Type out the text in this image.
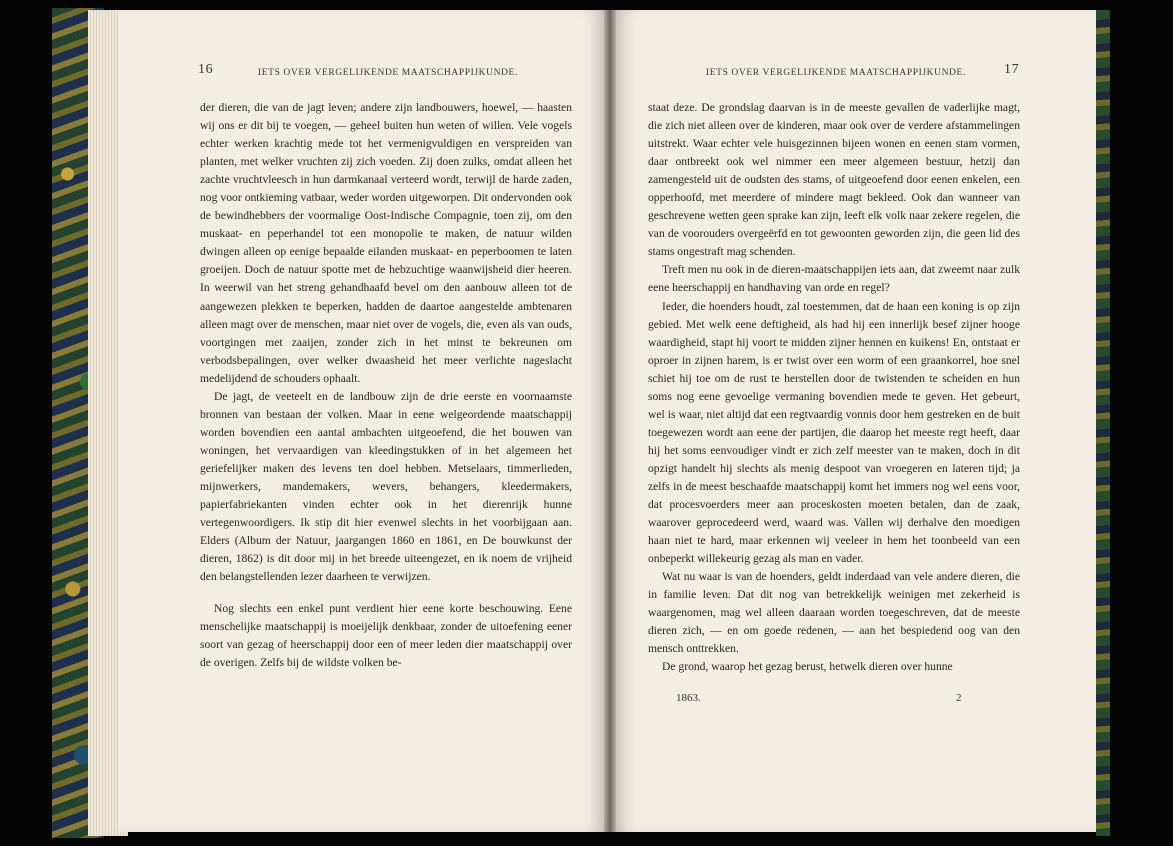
16	IETS OVER VERGELIJKENDE MAATSCHAPPIJKUNDE.

der dieren, die van de jagt leven; andere zijn landbouwers, hoewel, — haasten wij ons er dit bij te voegen, — geheel buiten hun weten of willen. Vele vogels echter werken krachtig mede tot het vermenigvuldigen en verspreiden van planten, met welker vruchten zij zich voeden. Zij doen zulks, omdat alleen het zachte vruchtvleesch in hun darmkanaal verteerd wordt, terwijl de harde zaden, nog voor ontkieming vatbaar, weder worden uitgeworpen. Dit ondervonden ook de bewindhebbers der voormalige Oost-Indische Compagnie, toen zij, om den muskaat- en peperhandel tot een monopolie te maken, de natuur wilden dwingen alleen op eenige bepaalde eilanden muskaat- en peperboomen te laten groeijen. Doch de natuur spotte met de hebzuchtige waanwijsheid dier heeren. In weerwil van het streng gehandhaafd bevel om den aanbouw alleen tot de aangewezen plekken te beperken, hadden de daartoe aangestelde ambtenaren alleen magt over de menschen, maar niet over de vogels, die, even als van ouds, voortgingen met zaaijen, zonder zich in het minst te bekreunen om verbodsbepalingen, over welker dwaasheid het meer verlichte nageslacht medelijdend de schouders ophaalt.

De jagt, de veeteelt en de landbouw zijn de drie eerste en voornaamste bronnen van bestaan der volken. Maar in eene welgeordende maatschappij worden bovendien een aantal ambachten uitgeoefend, die het bouwen van woningen, het vervaardigen van kleedingstukken of in het algemeen het geriefelijker maken des levens ten doel hebben. Metselaars, timmerlieden, mijnwerkers, mandemakers, wevers, behangers, kleedermakers, papierfabriekanten vinden echter ook in het dierenrijk hunne vertegenwoordigers. Ik stip dit hier evenwel slechts in het voorbijgaan aan. Elders (Album der Natuur, jaargangen 1860 en 1861, en De bouwkunst der dieren, 1862) is dit door mij in het breede uiteengezet, en ik noem de vrijheid den belangstellenden lezer daarheen te verwijzen.

Nog slechts een enkel punt verdient hier eene korte beschouwing. Eene menschelijke maatschappij is moeijelijk denkbaar, zonder de uitoefening eener soort van gezag of heerschappij door een of meer leden dier maatschappij over de overigen. Zelfs bij de wildste volken be-

IETS OVER VERGELIJKENDE MAATSCHAPPIJKUNDE.	17

staat deze. De grondslag daarvan is in de meeste gevallen de vaderlijke magt, die zich niet alleen over de kinderen, maar ook over de verdere afstammelingen uitstrekt. Waar echter vele huisgezinnen bijeen wonen en eenen stam vormen, daar ontbreekt ook wel nimmer een meer algemeen bestuur, hetzij dan zamengesteld uit de oudsten des stams, of uitgeoefend door eenen enkelen, een opperhoofd, met meerdere of mindere magt bekleed. Ook dan wanneer van geschrevene wetten geen sprake kan zijn, leeft elk volk naar zekere regelen, die van de voorouders overgeërfd en tot gewoonten geworden zijn, die geen lid des stams ongestraft mag schenden.

Treft men nu ook in de dieren-maatschappijen iets aan, dat zweemt naar zulk eene heerschappij en handhaving van orde en regel?

Ieder, die hoenders houdt, zal toestemmen, dat de haan een koning is op zijn gebied. Met welk eene deftigheid, als had hij een innerlijk besef zijner hooge waardigheid, stapt hij voort te midden zijner hennen en kuikens! En, ontstaat er oproer in zijnen harem, is er twist over een worm of een graankorrel, hoe snel schiet hij toe om de rust te herstellen door de twistenden te scheiden en hun soms nog eene gevoelige vermaning bovendien mede te geven. Het gebeurt, wel is waar, niet altijd dat een regtvaardig vonnis door hem gestreken en de buit toegewezen wordt aan eene der partijen, die daarop het meeste regt heeft, daar hij het soms eenvoudiger vindt er zich zelf meester van te maken, doch in dit opzigt handelt hij slechts als menig despoot van vroegeren en lateren tijd; ja zelfs in de meest beschaafde maatschappij komt het immers nog wel eens voor, dat procesvoerders meer aan proceskosten moeten betalen, dan de zaak, waarover geprocedeerd werd, waard was. Vallen wij derhalve den moedigen haan niet te hard, maar erkennen wij veeleer in hem het toonbeeld van een onbeperkt willekeurig gezag als man en vader.

Wat nu waar is van de hoenders, geldt inderdaad van vele andere dieren, die in familie leven. Dat dit nog van betrekkelijk weinigen met zekerheid is waargenomen, mag wel alleen daaraan worden toegeschreven, dat de meeste dieren zich, — en om goede redenen, — aan het bespiedend oog van den mensch onttrekken.

De grond, waarop het gezag berust, hetwelk dieren over hunne

1863.	2
